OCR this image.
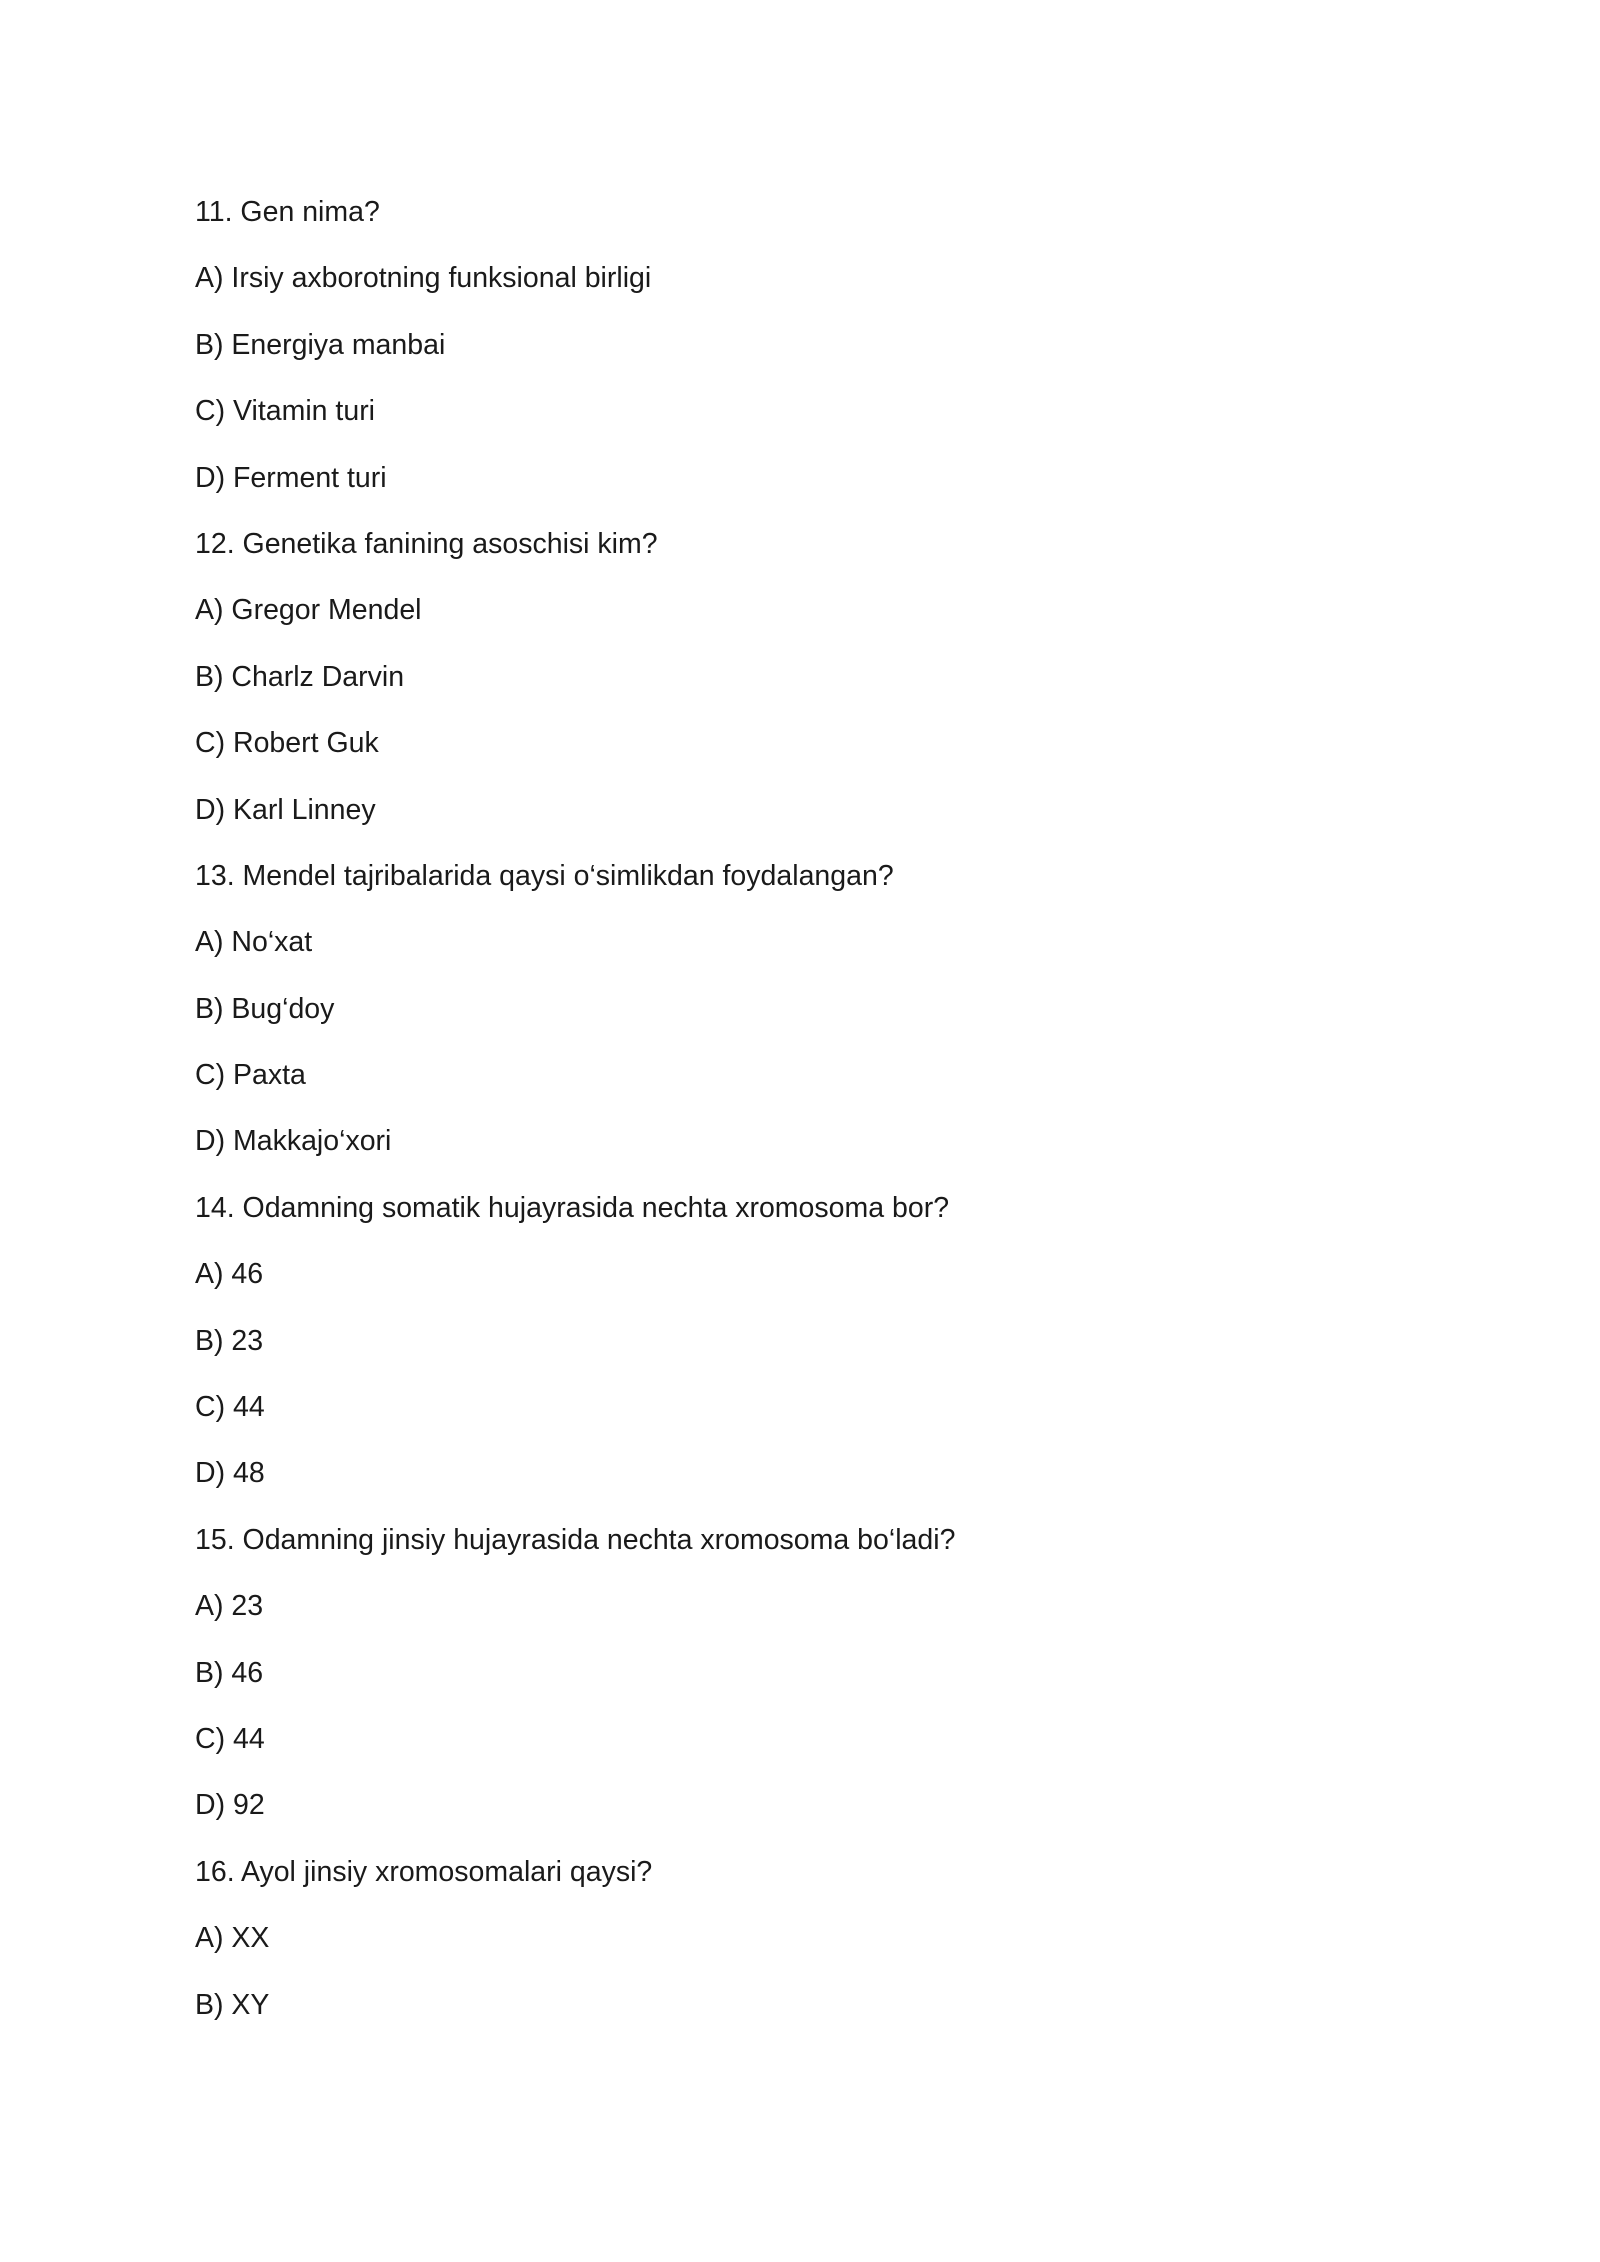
11. Gen nima?
A) Irsiy axborotning funksional birligi
B) Energiya manbai
C) Vitamin turi
D) Ferment turi
12. Genetika fanining asoschisi kim?
A) Gregor Mendel
B) Charlz Darvin
C) Robert Guk
D) Karl Linney
13. Mendel tajribalarida qaysi o‘simlikdan foydalangan?
A) No‘xat
B) Bug‘doy
C) Paxta
D) Makkajo‘xori
14. Odamning somatik hujayrasida nechta xromosoma bor?
A) 46
B) 23
C) 44
D) 48
15. Odamning jinsiy hujayrasida nechta xromosoma bo‘ladi?
A) 23
B) 46
C) 44
D) 92
16. Ayol jinsiy xromosomalari qaysi?
A) XX
B) XY
